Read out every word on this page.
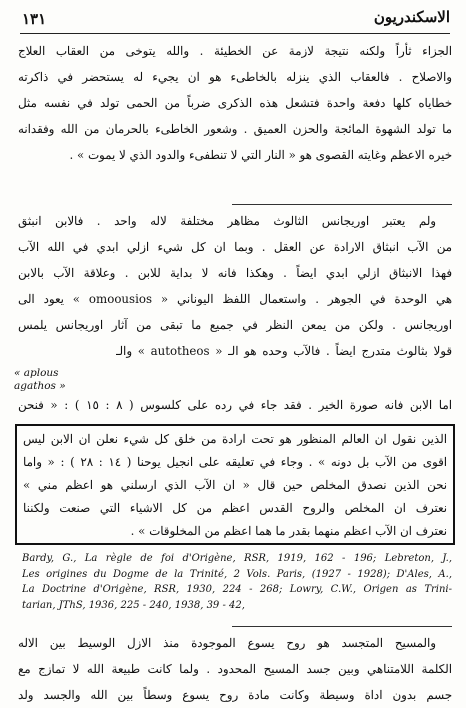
١٣١	الاسكندريون
الجزاء ثأراً ولكنه نتيجة لازمة عن الخطيئة . والله يتوخى من العقاب العلاج
والاصلاح . فالعقاب الذي ينزله بالخاطىء هو ان يجيء له يستحضر في ذاكرته
خطاياه كلها دفعة واحدة فتشعل هذه الذكرى ضرباً من الحمى تولد في نفسه مثل
ما تولد الشهوة المائجة والحزن العميق . وشعور الخاطىء بالحرمان من الله وفقدانه
خيره الاعظم وغايته القصوى هو « النار التي لا تنطفىء والدود الذي لا يموت » .
ولم يعتبر اوريجانس الثالوث مظاهر مختلفة لاله واحد . فالابن انبثق
من الآب انبثاق الارادة عن العقل . وبما ان كل شيء ازلي ابدي في الله الآب
فهذا الانبثاق ازلي ابدي ايضاً . وهكذا فانه لا بداية للابن . وعلاقة الآب بالابن
هي الوحدة في الجوهر . واستعمال اللفظ اليوناني « omoousios » يعود الى
اوريجانس . ولكن من يمعن النظر في جميع ما تبقى من آثار اوريجانس يلمس
قولا بثالوث متدرج ايضاً . فالآب وحده هو الـ « autotheos » والـ
« aplous
agathos »
اما الابن فانه صورة الخير . فقد جاء في رده على كلسوس ( ٨ : ١٥ ) : « فنحن
الذين نقول ان العالم المنظور هو تحت ارادة من خلق كل شيء نعلن ان الابن ليس
اقوى من الآب بل دونه » . وجاء في تعليقه على انجيل يوحنا ( ١٤ : ٢٨ ) : « واما
نحن الذين نصدق المخلص حين قال « ان الآب الذي ارسلني هو اعظم مني »
نعترف ان المخلص والروح القدس اعظم من كل الاشياء التي صنعت ولكننا
نعترف ان الآب اعظم منهما بقدر ما هما اعظم من المخلوقات » .
Bardy, G., La règle de foi d'Origène, RSR, 1919, 162 - 196; Lebreton, J.,
Les origines du Dogme de la Trinité, 2 Vols. Paris, (1927 - 1928); D'Ales, A.,
La Doctrine d'Origène, RSR, 1930, 224 - 268; Lowry, C.W., Origen as Trini-
tarian, JThS, 1936, 225 - 240, 1938, 39 - 42,
والمسيح المتجسد هو روح يسوع الموجودة منذ الازل الوسيط بين الاله
الكلمة اللامتناهي وبين جسد المسيح المحدود . ولما كانت طبيعة الله لا تمازج مع
جسم بدون اداة وسيطة وكانت مادة روح يسوع وسطاً بين الله والجسد ولد
